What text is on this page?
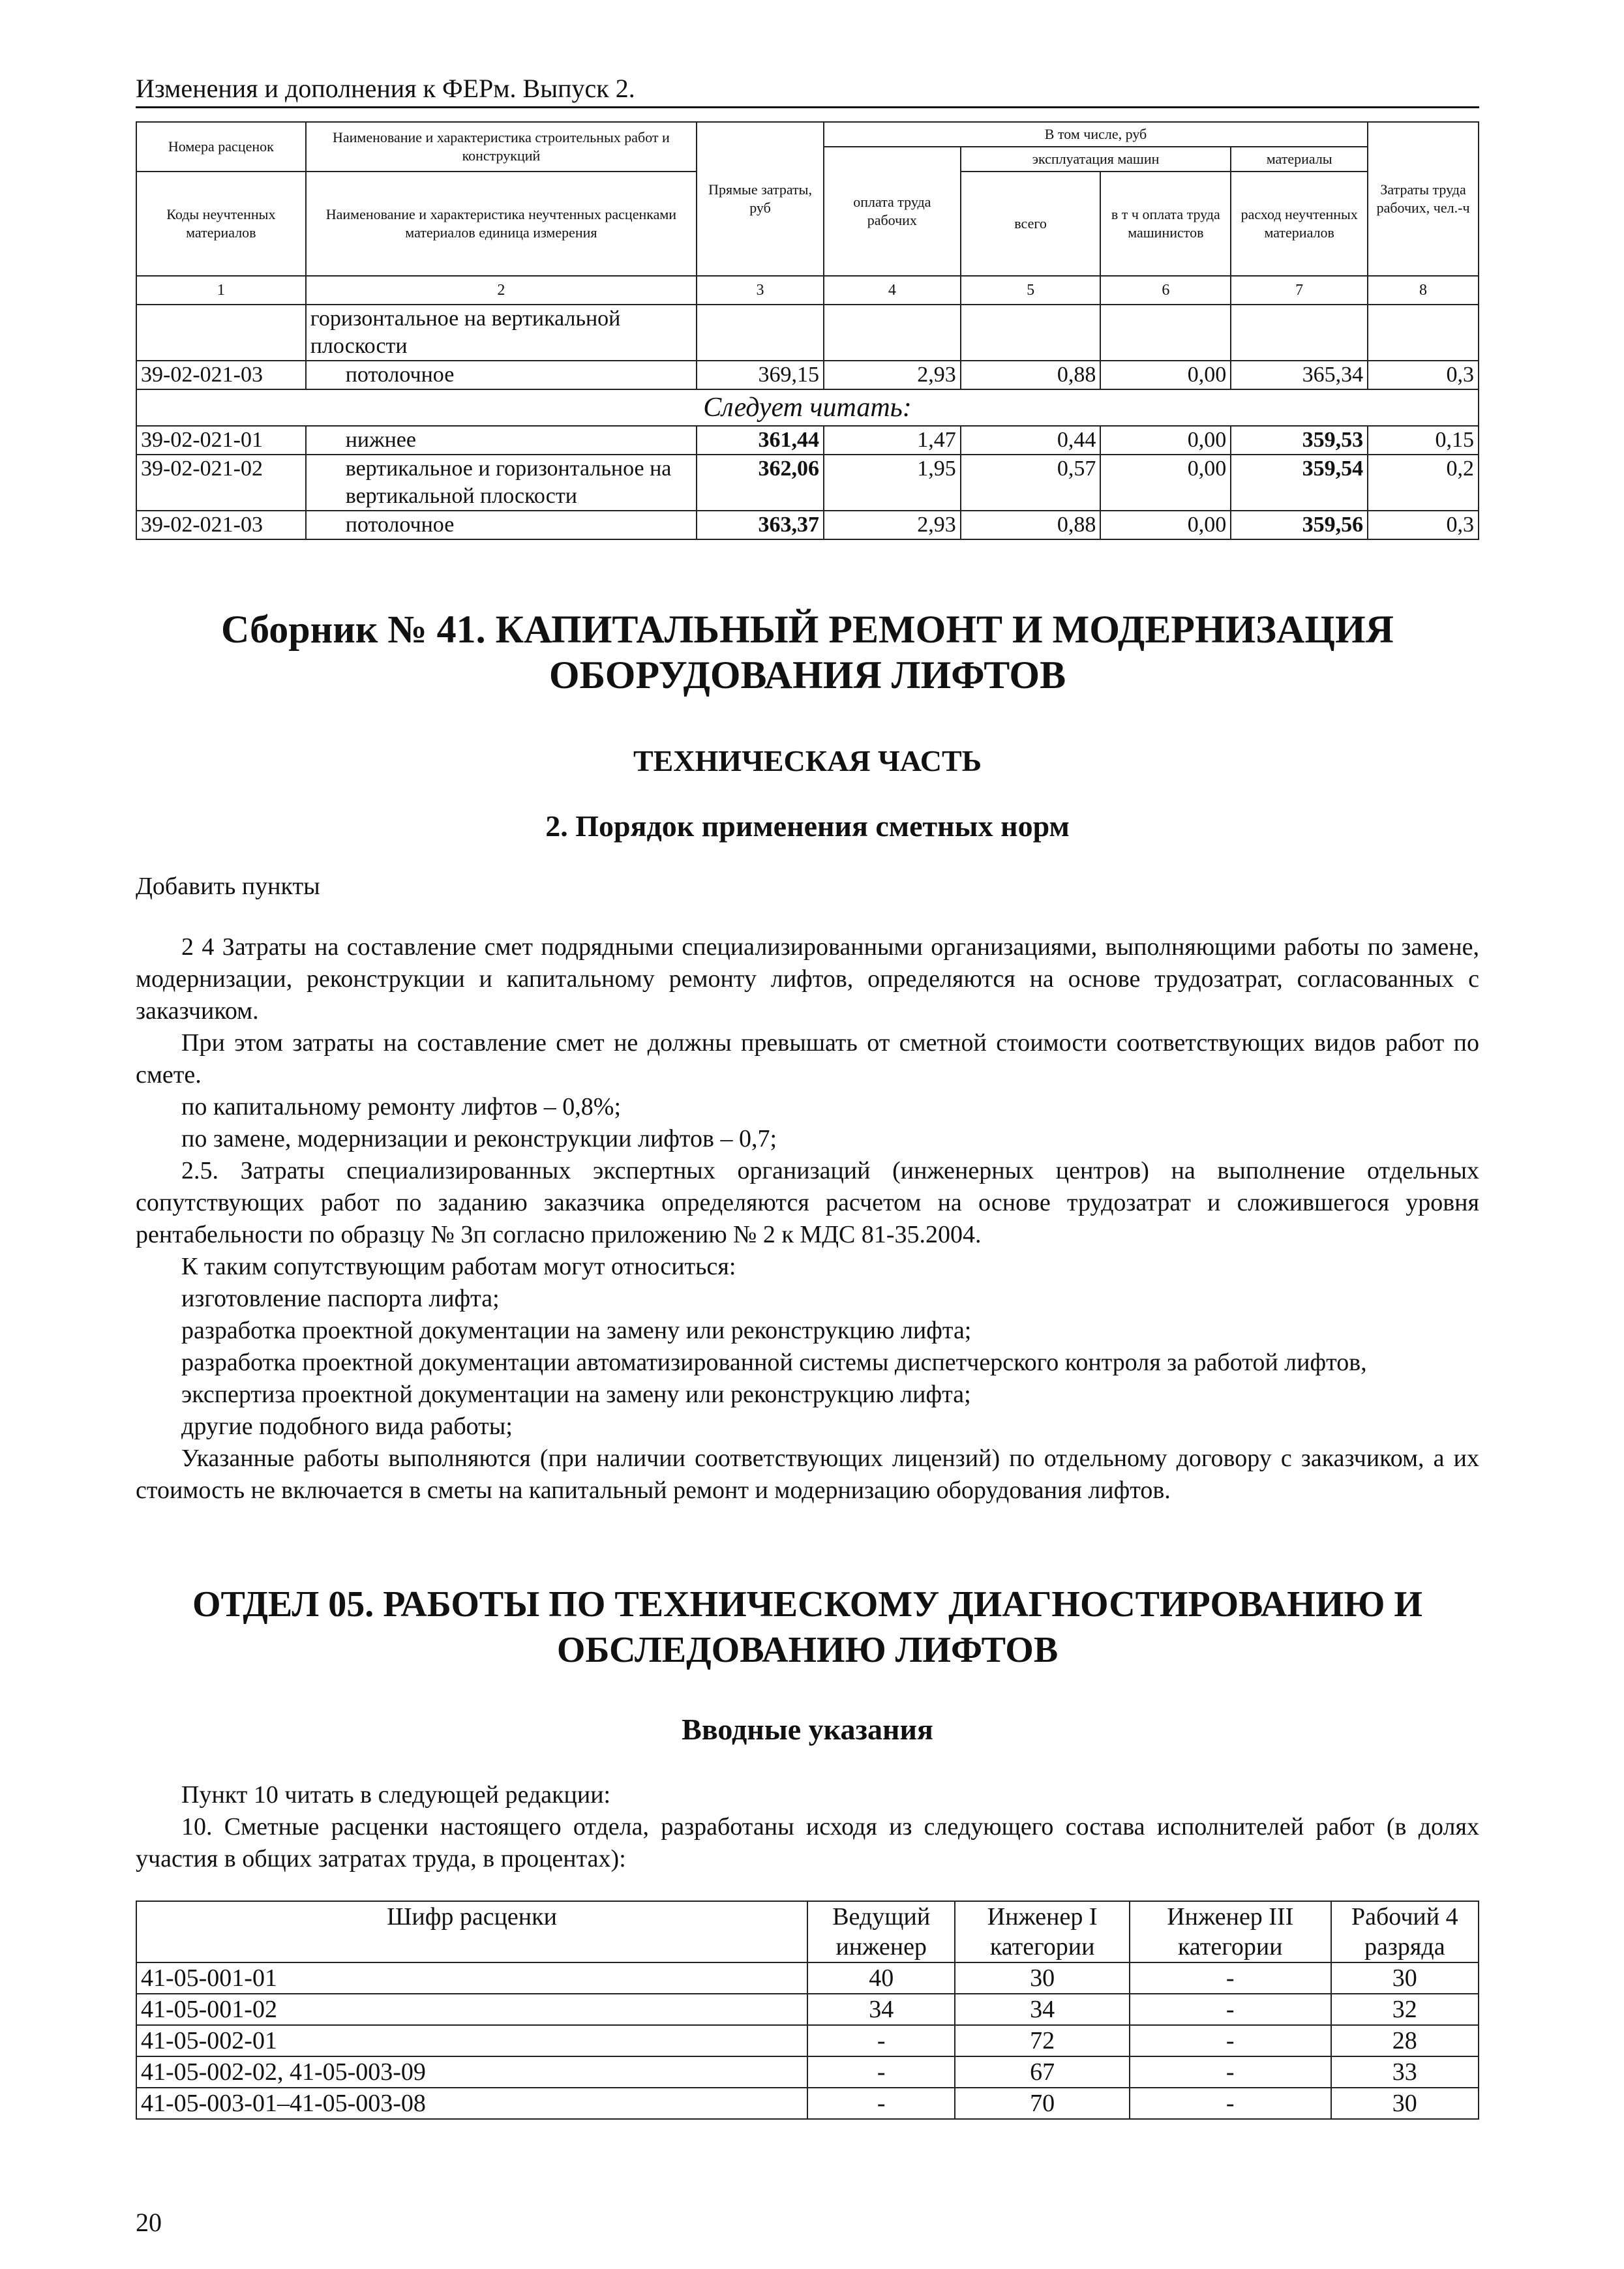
Изменения и дополнения к ФЕРм. Выпуск 2.
Номера расценок	Наименование и характеристика строительных работ и конструкций	Прямые затраты, руб	В том числе, руб				Затраты труда рабочих, чел.-ч
			оплата труда рабочих	эксплуатация машин		материалы	
Коды неучтенных материалов	Наименование и характеристика неучтенных расценками материалов единица измерения			всего	в т ч оплата труда машинистов	расход неучтенных материалов	

1	2	3	4	5	6	7	8
	горизонтальное на вертикальной плоскости						
39-02-021-03	потолочное	369,15	2,93	0,88	0,00	365,34	0,3
Следует читать:							
39-02-021-01	нижнее	361,44	1,47	0,44	0,00	359,53	0,15
39-02-021-02	вертикальное и горизонтальное на вертикальной плоскости	362,06	1,95	0,57	0,00	359,54	0,2
39-02-021-03	потолочное	363,37	2,93	0,88	0,00	359,56	0,3
Сборник № 41. КАПИТАЛЬНЫЙ РЕМОНТ И МОДЕРНИЗАЦИЯ ОБОРУДОВАНИЯ ЛИФТОВ
ТЕХНИЧЕСКАЯ ЧАСТЬ
2. Порядок применения сметных норм
Добавить пункты
2 4 Затраты на составление смет подрядными специализированными организациями, выполняющими работы по замене, модернизации, реконструкции и капитальному ремонту лифтов, определяются на основе трудозатрат, согласованных с заказчиком.
При этом затраты на составление смет не должны превышать от сметной стоимости соответствующих видов работ по смете.
по капитальному ремонту лифтов – 0,8%;
по замене, модернизации и реконструкции лифтов – 0,7;
2.5. Затраты специализированных экспертных организаций (инженерных центров) на выполнение отдельных сопутствующих работ по заданию заказчика определяются расчетом на основе трудозатрат и сложившегося уровня рентабельности по образцу № 3п согласно приложению № 2 к МДС 81-35.2004.
К таким сопутствующим работам могут относиться:
изготовление паспорта лифта;
разработка проектной документации на замену или реконструкцию лифта;
разработка проектной документации автоматизированной системы диспетчерского контроля за работой лифтов,
экспертиза проектной документации на замену или реконструкцию лифта;
другие подобного вида работы;
Указанные работы выполняются (при наличии соответствующих лицензий) по отдельному договору с заказчиком, а их стоимость не включается в сметы на капитальный ремонт и модернизацию оборудования лифтов.
ОТДЕЛ 05. РАБОТЫ ПО ТЕХНИЧЕСКОМУ ДИАГНОСТИРОВАНИЮ И ОБСЛЕДОВАНИЮ ЛИФТОВ
Вводные указания
Пункт 10 читать в следующей редакции:
10. Сметные расценки настоящего отдела, разработаны исходя из следующего состава исполнителей работ (в долях участия в общих затратах труда, в процентах):
Шифр расценки	Ведущий инженер	Инженер I категории	Инженер III категории	Рабочий 4 разряда
41-05-001-01	40	30	-	30
41-05-001-02	34	34	-	32
41-05-002-01	-	72	-	28
41-05-002-02, 41-05-003-09	-	67	-	33
41-05-003-01–41-05-003-08	-	70	-	30
20
